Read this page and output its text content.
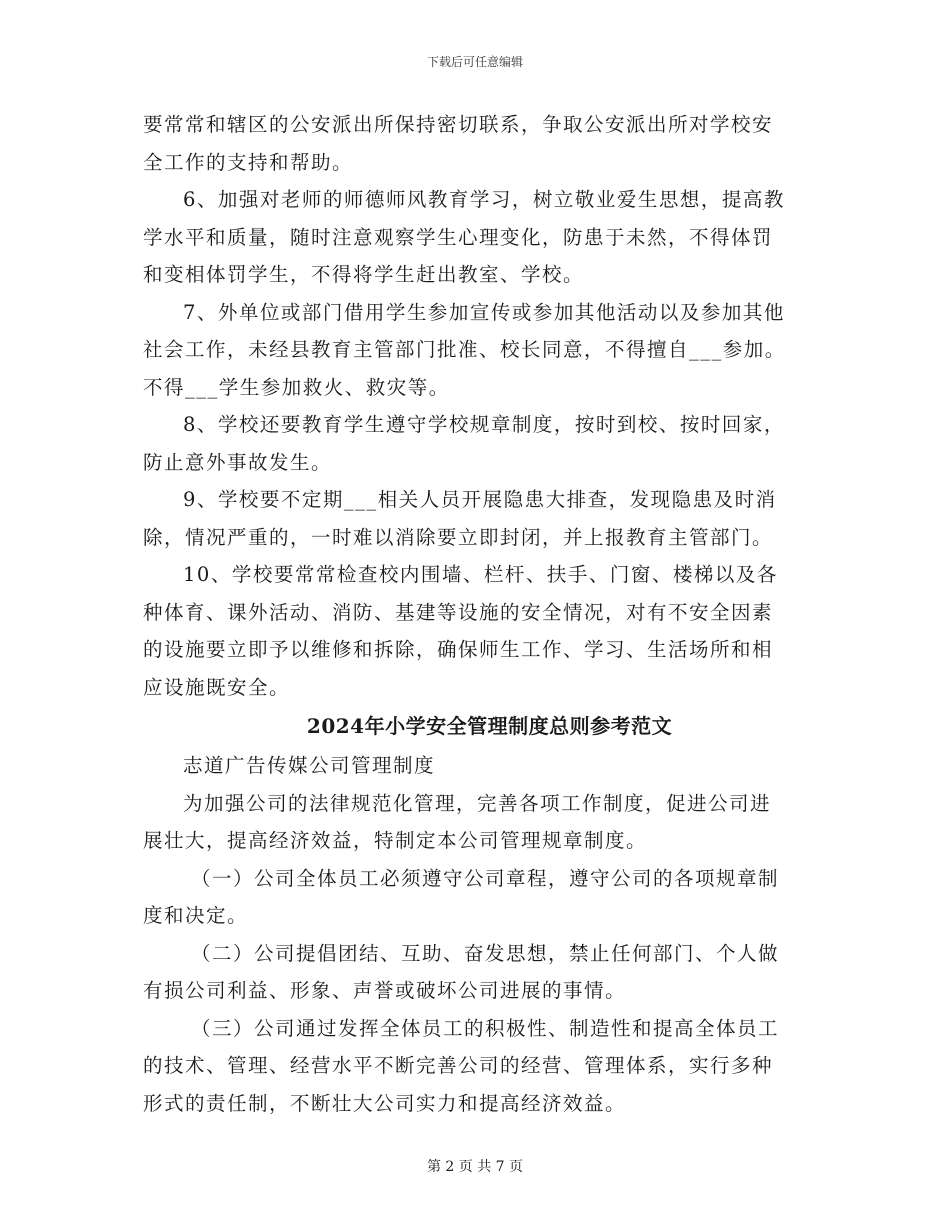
下载后可任意编辑
要常常和辖区的公安派出所保持密切联系，争取公安派出所对学校安
全工作的支持和帮助。
6、加强对老师的师德师风教育学习，树立敬业爱生思想，提高教
学水平和质量，随时注意观察学生心理变化，防患于未然，不得体罚
和变相体罚学生，不得将学生赶出教室、学校。
7、外单位或部门借用学生参加宣传或参加其他活动以及参加其他
社会工作，未经县教育主管部门批准、校长同意，不得擅自___参加。
不得___学生参加救火、救灾等。
8、学校还要教育学生遵守学校规章制度，按时到校、按时回家，
防止意外事故发生。
9、学校要不定期___相关人员开展隐患大排查，发现隐患及时消
除，情况严重的，一时难以消除要立即封闭，并上报教育主管部门。
10、学校要常常检查校内围墙、栏杆、扶手、门窗、楼梯以及各
种体育、课外活动、消防、基建等设施的安全情况，对有不安全因素
的设施要立即予以维修和拆除，确保师生工作、学习、生活场所和相
应设施既安全。
2024年小学安全管理制度总则参考范文
志道广告传媒公司管理制度
为加强公司的法律规范化管理，完善各项工作制度，促进公司进
展壮大，提高经济效益，特制定本公司管理规章制度。
（一）公司全体员工必须遵守公司章程，遵守公司的各项规章制
度和决定。
（二）公司提倡团结、互助、奋发思想，禁止任何部门、个人做
有损公司利益、形象、声誉或破坏公司进展的事情。
（三）公司通过发挥全体员工的积极性、制造性和提高全体员工
的技术、管理、经营水平不断完善公司的经营、管理体系，实行多种
形式的责任制，不断壮大公司实力和提高经济效益。
第 2 页 共 7 页
